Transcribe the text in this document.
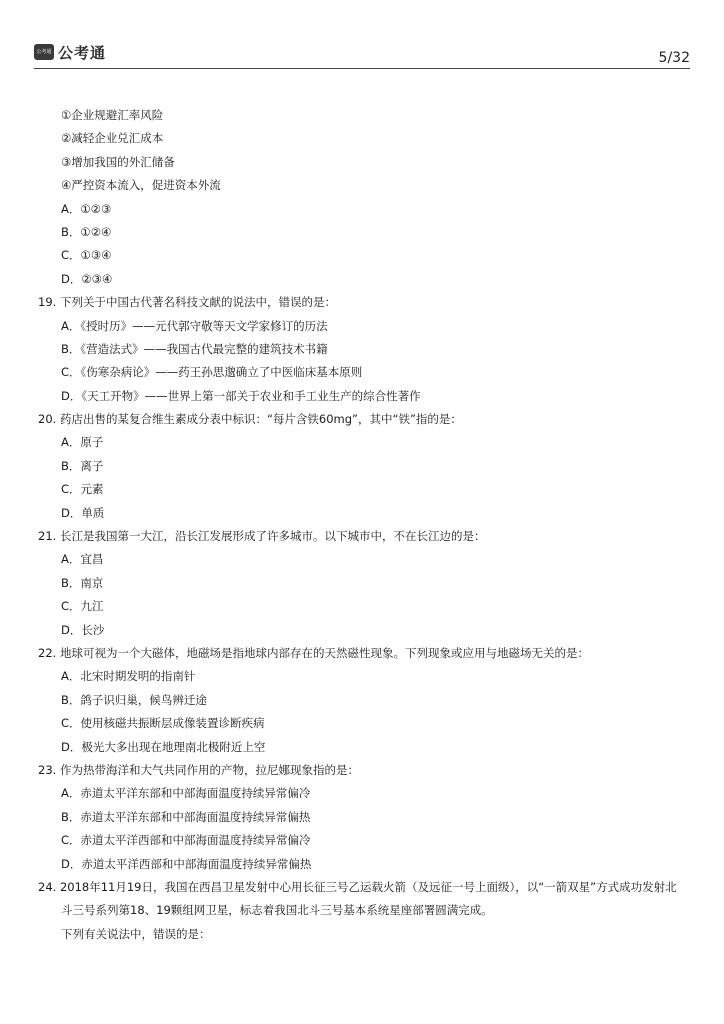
公考通 公考通	5/32
①企业规避汇率风险
②减轻企业兑汇成本
③增加我国的外汇储备
④严控资本流入，促进资本外流
A．①②③
B．①②④
C．①③④
D．②③④
19. 下列关于中国古代著名科技文献的说法中，错误的是：
A．《授时历》——元代郭守敬等天文学家修订的历法
B．《营造法式》——我国古代最完整的建筑技术书籍
C．《伤寒杂病论》——药王孙思邈确立了中医临床基本原则
D．《天工开物》——世界上第一部关于农业和手工业生产的综合性著作
20. 药店出售的某复合维生素成分表中标识：“每片含铁60mg”，其中“铁”指的是：
A．原子
B．离子
C．元素
D．单质
21. 长江是我国第一大江，沿长江发展形成了许多城市。以下城市中，不在长江边的是：
A．宜昌
B．南京
C．九江
D．长沙
22. 地球可视为一个大磁体，地磁场是指地球内部存在的天然磁性现象。下列现象或应用与地磁场无关的是：
A．北宋时期发明的指南针
B．鸽子识归巢，候鸟辨迁途
C．使用核磁共振断层成像装置诊断疾病
D．极光大多出现在地理南北极附近上空
23. 作为热带海洋和大气共同作用的产物，拉尼娜现象指的是：
A．赤道太平洋东部和中部海面温度持续异常偏冷
B．赤道太平洋东部和中部海面温度持续异常偏热
C．赤道太平洋西部和中部海面温度持续异常偏冷
D．赤道太平洋西部和中部海面温度持续异常偏热
24. 2018年11月19日，我国在西昌卫星发射中心用长征三号乙运载火箭（及远征一号上面级），以“一箭双星”方式成功发射北
斗三号系列第18、19颗组网卫星，标志着我国北斗三号基本系统星座部署圆满完成。
下列有关说法中，错误的是：
